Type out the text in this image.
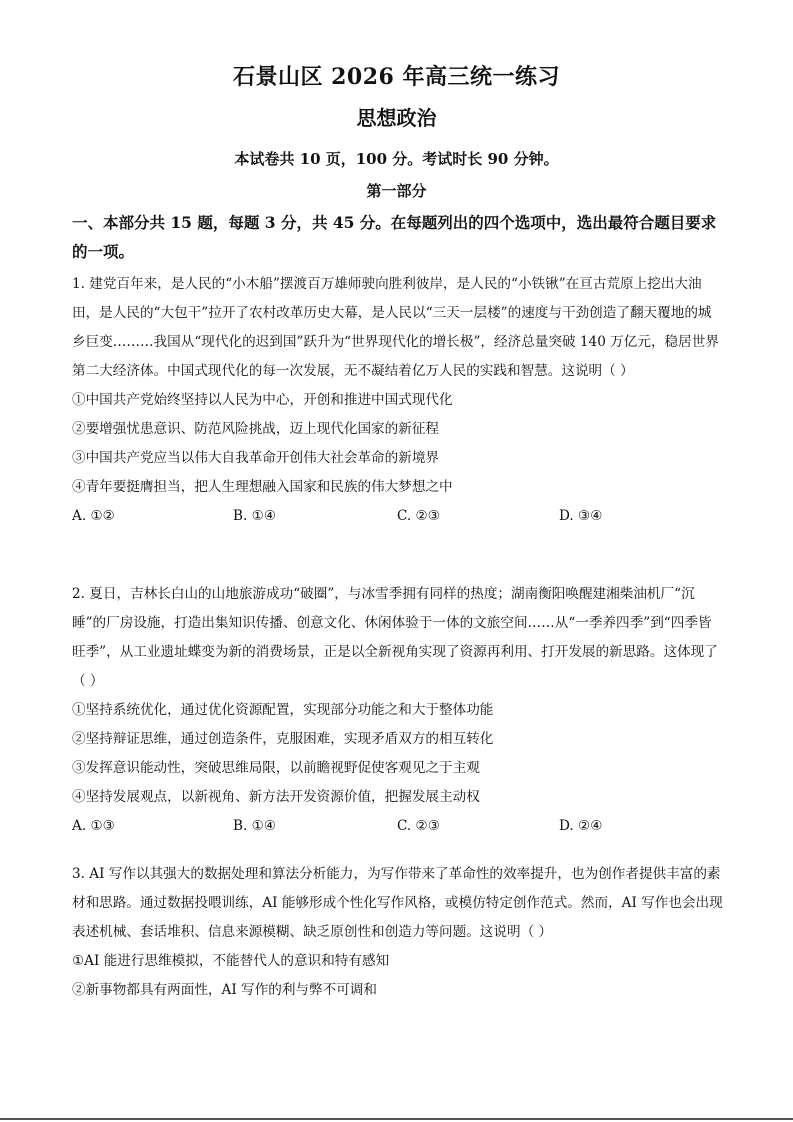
石景山区 2026 年高三统一练习
思想政治
本试卷共 10 页，100 分。考试时长 90 分钟。
第一部分
一、本部分共 15 题，每题 3 分，共 45 分。在每题列出的四个选项中，选出最符合题目要求的一项。
1. 建党百年来，是人民的“小木船”摆渡百万雄师驶向胜利彼岸，是人民的“小铁锹”在亘古荒原上挖出大油田，是人民的“大包干”拉开了农村改革历史大幕，是人民以“三天一层楼”的速度与干劲创造了翻天覆地的城乡巨变………我国从“现代化的迟到国”跃升为“世界现代化的增长极”，经济总量突破 140 万亿元，稳居世界第二大经济体。中国式现代化的每一次发展，无不凝结着亿万人民的实践和智慧。这说明（ ）
①中国共产党始终坚持以人民为中心，开创和推进中国式现代化
②要增强忧患意识、防范风险挑战，迈上现代化国家的新征程
③中国共产党应当以伟大自我革命开创伟大社会革命的新境界
④青年要挺膺担当，把人生理想融入国家和民族的伟大梦想之中
A. ①②	B. ①④	C. ②③	D. ③④
2. 夏日，吉林长白山的山地旅游成功“破圈”，与冰雪季拥有同样的热度；湖南衡阳唤醒建湘柴油机厂“沉睡”的厂房设施，打造出集知识传播、创意文化、休闲体验于一体的文旅空间……从“一季养四季”到“四季皆旺季”，从工业遗址蝶变为新的消费场景，正是以全新视角实现了资源再利用、打开发展的新思路。这体现了（ ）
①坚持系统优化，通过优化资源配置，实现部分功能之和大于整体功能
②坚持辩证思维，通过创造条件，克服困难，实现矛盾双方的相互转化
③发挥意识能动性，突破思维局限，以前瞻视野促使客观见之于主观
④坚持发展观点，以新视角、新方法开发资源价值，把握发展主动权
A. ①③	B. ①④	C. ②③	D. ②④
3. AI 写作以其强大的数据处理和算法分析能力，为写作带来了革命性的效率提升，也为创作者提供丰富的素材和思路。通过数据投喂训练，AI 能够形成个性化写作风格，或模仿特定创作范式。然而，AI 写作也会出现表述机械、套话堆积、信息来源模糊、缺乏原创性和创造力等问题。这说明（ ）
①AI 能进行思维模拟，不能替代人的意识和特有感知
②新事物都具有两面性，AI 写作的利与弊不可调和
